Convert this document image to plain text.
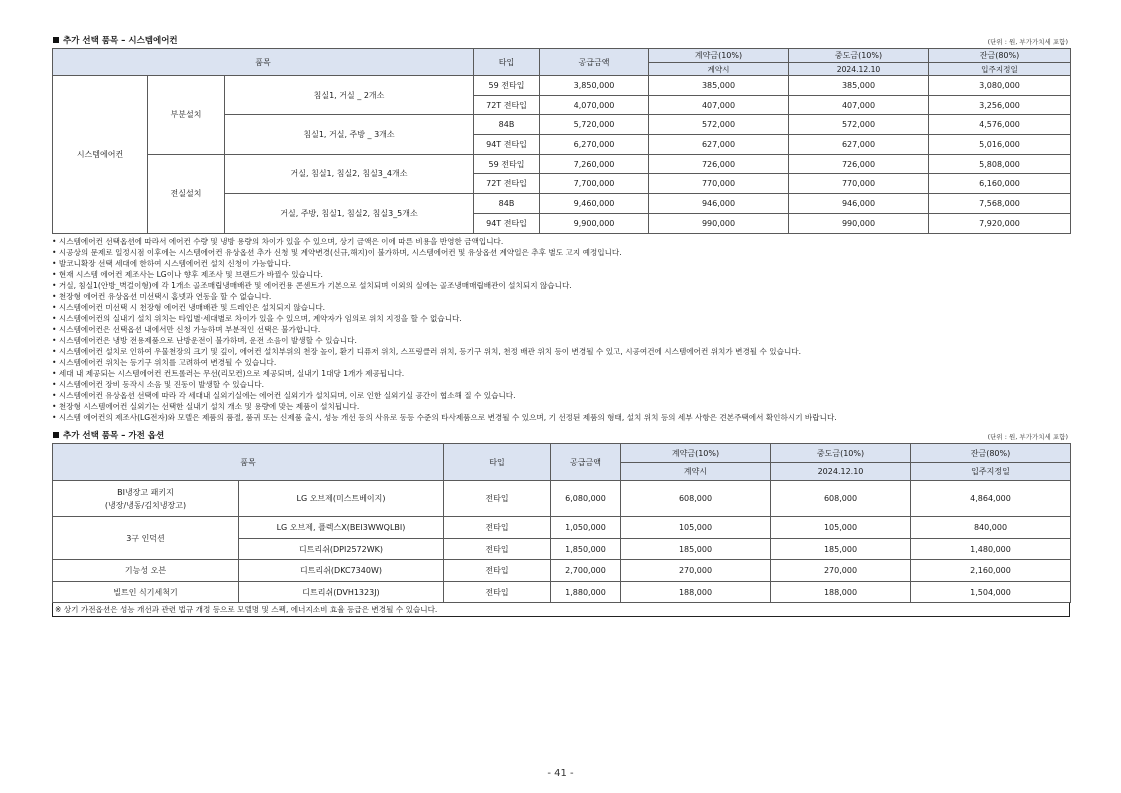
추가 선택 품목 – 시스템에어컨	(단위 : 원, 부가가치세 포함)
품목			타입	공급금액	계약금(10%)	중도금(10%)	잔금(80%)
					계약시	2024.12.10	입주지정일
시스템에어컨	부분설치	침실1, 거실 _ 2개소	59 전타입	3,850,000	385,000	385,000	3,080,000
			72T 전타입	4,070,000	407,000	407,000	3,256,000
		침실1, 거실, 주방 _ 3개소	84B	5,720,000	572,000	572,000	4,576,000
			94T 전타입	6,270,000	627,000	627,000	5,016,000
	전실설치	거실, 침실1, 침실2, 침실3_4개소	59 전타입	7,260,000	726,000	726,000	5,808,000
			72T 전타입	7,700,000	770,000	770,000	6,160,000
		거실, 주방, 침실1, 침실2, 침실3_5개소	84B	9,460,000	946,000	946,000	7,568,000
			94T 전타입	9,900,000	990,000	990,000	7,920,000
• 시스템에어컨 선택옵션에 따라서 에어컨 수량 및 냉방 용량의 차이가 있을 수 있으며, 상기 금액은 이에 따른 비용을 반영한 금액입니다.
• 시공상의 문제로 일정시점 이후에는 시스템에어컨 유상옵션 추가 신청 및 계약변경(신규,해지)이 불가하며, 시스템에어컨 및 유상옵션 계약일은 추후 별도 고지 예정입니다.
• 발코니확장 선택 세대에 한하여 시스템에어컨 설치 신청이 가능합니다.
• 현재 시스템 에어컨 제조사는 LG이나 향후 제조사 및 브랜드가 바뀔수 있습니다.
• 거실, 침실1(안방_벽걸이형)에 각 1개소 골조매립냉매배관 및 에어컨용 콘센트가 기본으로 설치되며 이외의 실에는 골조냉매매립배관이 설치되지 않습니다.
• 천장형 에어컨 유상옵션 미선택시 홈넷과 연동을 할 수 없습니다.
• 시스템에어컨 미선택 시 천장형 에어컨 냉매배관 및 드레인은 설치되지 않습니다.
• 시스템에어컨의 실내기 설치 위치는 타입별·세대별로 차이가 있을 수 있으며, 계약자가 임의로 위치 지정을 할 수 없습니다.
• 시스템에어컨은 선택옵션 내에서만 신청 가능하며 부분적인 선택은 불가합니다.
• 시스템에어컨은 냉방 전용제품으로 난방운전이 불가하며, 운전 소음이 발생할 수 있습니다.
• 시스템에어컨 설치로 인하여 우물천장의 크기 및 깊이, 에어컨 설치부위의 천장 높이, 환기 디퓨저 위치, 스프링클러 위치, 등기구 위치, 천정 배관 위치 등이 변경될 수 있고, 시공여건에 시스템에어컨 위치가 변경될 수 있습니다.
• 시스템에어컨 위치는 등기구 위치를 고려하여 변경될 수 있습니다.
• 세대 내 제공되는 시스템에어컨 컨트롤러는 무선(리모컨)으로 제공되며, 실내기 1대당 1개가 제공됩니다.
• 시스템에어컨 장비 동작시 소음 및 진동이 발생할 수 있습니다.
• 시스템에어컨 유상옵션 선택에 따라 각 세대내 실외기실에는 에어컨 실외기가 설치되며, 이로 인한 실외기실 공간이 협소해 질 수 있습니다.
• 천장형 시스템에어컨 실외기는 선택한 실내기 설치 개소 및 용량에 맞는 제품이 설치됩니다.
• 시스템 에어컨의 제조사(LG전자)와 모델은 제품의 품절, 품귀 또는 신제품 출시, 성능 개선 등의 사유로 동등 수준의 타사제품으로 변경될 수 있으며, 기 선정된 제품의 형태, 설치 위치 등의 세부 사항은 견본주택에서 확인하시기 바랍니다.
추가 선택 품목 – 가전 옵션	(단위 : 원, 부가가치세 포함)
품목		타입	공급금액	계약금(10%)	중도금(10%)	잔금(80%)
				계약시	2024.12.10	입주지정일
BI냉장고 패키지
(냉장/냉동/김치냉장고)	LG 오브제(미스트베이지)	전타입	6,080,000	608,000	608,000	4,864,000
3구 인덕션	LG 오브제, 플렉스X(BEI3WWQLBI)	전타입	1,050,000	105,000	105,000	840,000
	디트리쉬(DPI2572WK)	전타입	1,850,000	185,000	185,000	1,480,000
기능성 오븐	디트리쉬(DKC7340W)	전타입	2,700,000	270,000	270,000	2,160,000
빌트인 식기세척기	디트리쉬(DVH1323J)	전타입	1,880,000	188,000	188,000	1,504,000
※ 상기 가전옵션은 성능 개선과 관련 법규 개정 등으로 모델명 및 스펙, 에너지소비 효율 등급은 변경될 수 있습니다.
- 41 -
